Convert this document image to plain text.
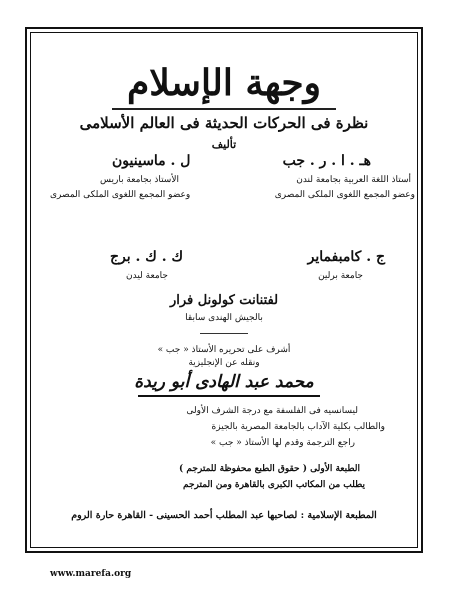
وجهة الإسلام
نظرة فى الحركات الحديثة فى العالم الأسلامى
تأليف
هـ . ا . ر . جب
أستاذ اللغة العربية بجامعة لندن
وعضو المجمع اللغوى الملكى المصرى
ل . ماسينيون
الأستاذ بجامعة باريس
وعضو المجمع اللغوى الملكى المصرى
ج . كامبفماير
جامعة برلين
ك . ك . برج
جامعة ليدن
لفتنانت كولونل فرار
بالجيش الهندى سابقا
أشرف على تحريره الأستاذ « جب »
ونقله عن الإنجليزية
محمد عبد الهادى أبو ريدة
ليسانسيه فى الفلسفة مع درجة الشرف الأولى
والطالب بكلية الآداب بالجامعة المصرية بالجيزة
راجع الترجمة وقدم لها الأستاذ « جب »
الطبعة الأولى ( حقوق الطبع محفوظة للمترجم )
يطلب من المكاتب الكبرى بالقاهرة ومن المترجم
المطبعة الإسلامية : لصاحبها عبد المطلب أحمد الحسينى - القاهرة حارة الروم
www.marefa.org
